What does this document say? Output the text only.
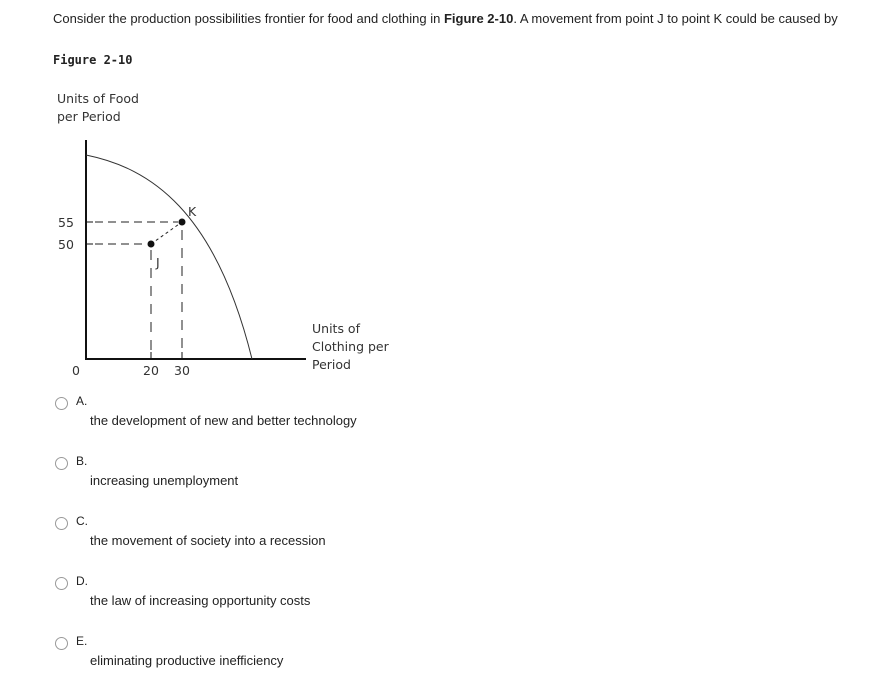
Consider the production possibilities frontier for food and clothing in Figure 2-10. A movement from point J to point K could be caused by
Figure 2-10
Units of Food
per Period
J
K
55
50
0	20 30
Units of
Clothing per
Period
A.
the development of new and better technology
B.
increasing unemployment
C.
the movement of society into a recession
D.
the law of increasing opportunity costs
E.
eliminating productive inefficiency
